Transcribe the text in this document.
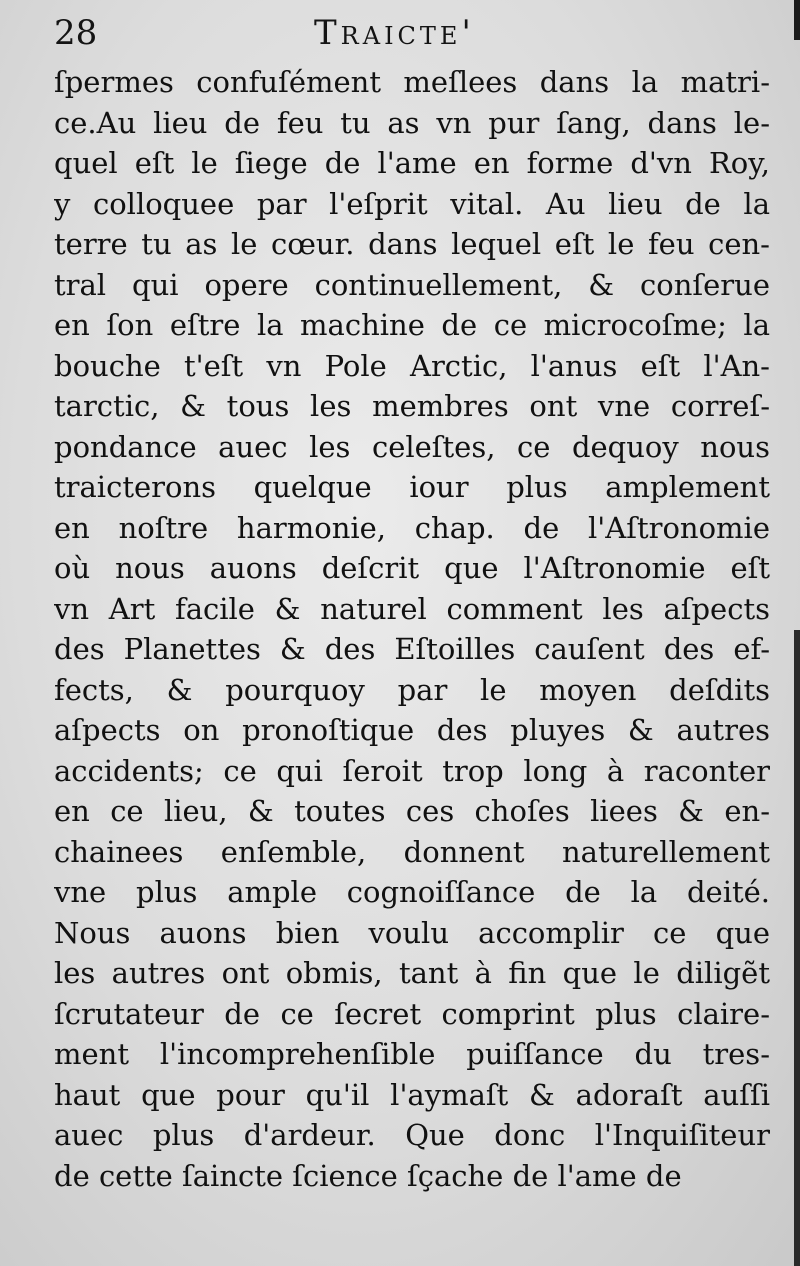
28	Traicte'
ſpermes confuſément meſlees dans la matri-
ce.Au lieu de feu tu as vn pur ſang, dans le-
quel eſt le ſiege de l'ame en forme d'vn Roy,
y colloquee par l'eſprit vital. Au lieu de la
terre tu as le cœur. dans lequel eſt le feu cen-
tral qui opere continuellement, & conſerue
en ſon eſtre la machine de ce microcoſme; la
bouche t'eſt vn Pole Arctic, l'anus eſt l'An-
tarctic, & tous les membres ont vne correſ-
pondance auec les celeſtes, ce dequoy nous
traicterons quelque iour plus amplement
en noſtre harmonie, chap. de l'Aſtronomie
où nous auons deſcrit que l'Aſtronomie eſt
vn Art facile & naturel comment les aſpects
des Planettes & des Eſtoilles cauſent des ef-
fects, & pourquoy par le moyen deſdits
aſpects on pronoſtique des pluyes & autres
accidents; ce qui ſeroit trop long à raconter
en ce lieu, & toutes ces choſes liees & en-
chainees enſemble, donnent naturellement
vne plus ample cognoiſſance de la deité.
Nous auons bien voulu accomplir ce que
les autres ont obmis, tant à fin que le diligẽt
ſcrutateur de ce ſecret comprint plus claire-
ment l'incomprehenſible puiſſance du tres-
haut que pour qu'il l'aymaſt & adoraſt auſſi
auec plus d'ardeur. Que donc l'Inquiſiteur
de cette ſaincte ſcience ſçache de l'ame de
